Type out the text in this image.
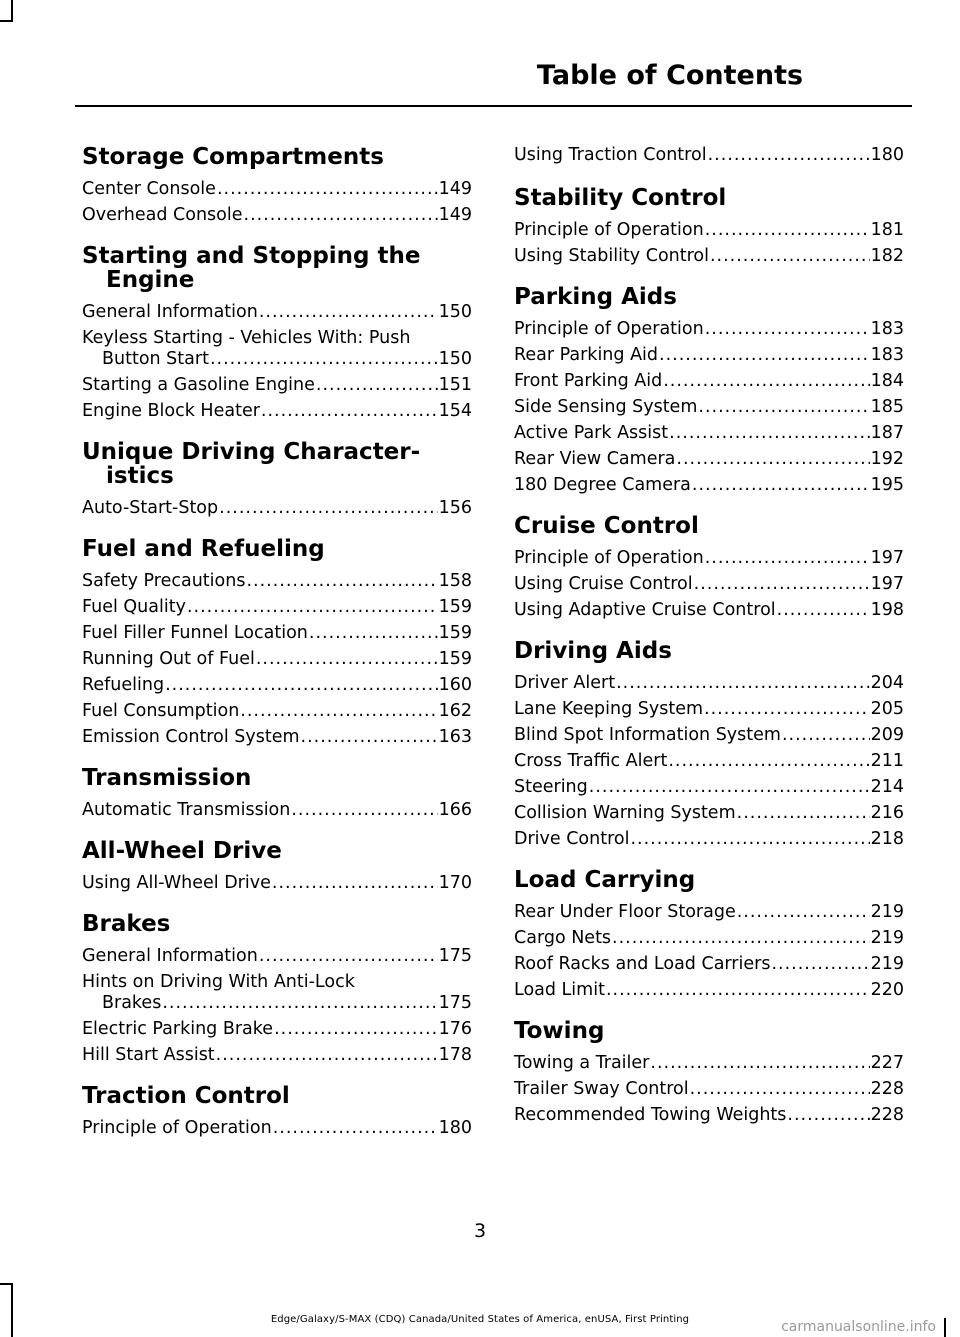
Table of Contents
Storage Compartments
Center Console .....	149
Overhead Console .....	149
Starting and Stopping the Engine
General Information .....	150
Keyless Starting - Vehicles With: Push
Button Start .....	150
Starting a Gasoline Engine .....	151
Engine Block Heater .....	154
Unique Driving Character-istics
Auto-Start-Stop .....	156
Fuel and Refueling
Safety Precautions .....	158
Fuel Quality .....	159
Fuel Filler Funnel Location .....	159
Running Out of Fuel .....	159
Refueling .....	160
Fuel Consumption .....	162
Emission Control System .....	163
Transmission
Automatic Transmission .....	166
All-Wheel Drive
Using All-Wheel Drive .....	170
Brakes
General Information .....	175
Hints on Driving With Anti-Lock
Brakes .....	175
Electric Parking Brake .....	176
Hill Start Assist .....	178
Traction Control
Principle of Operation .....	180
Using Traction Control .....	180
Stability Control
Principle of Operation .....	181
Using Stability Control .....	182
Parking Aids
Principle of Operation .....	183
Rear Parking Aid .....	183
Front Parking Aid .....	184
Side Sensing System .....	185
Active Park Assist .....	187
Rear View Camera .....	192
180 Degree Camera .....	195
Cruise Control
Principle of Operation .....	197
Using Cruise Control .....	197
Using Adaptive Cruise Control .....	198
Driving Aids
Driver Alert .....	204
Lane Keeping System .....	205
Blind Spot Information System .....	209
Cross Traffic Alert .....	211
Steering .....	214
Collision Warning System .....	216
Drive Control .....	218
Load Carrying
Rear Under Floor Storage .....	219
Cargo Nets .....	219
Roof Racks and Load Carriers .....	219
Load Limit .....	220
Towing
Towing a Trailer .....	227
Trailer Sway Control .....	228
Recommended Towing Weights .....	228
3
Edge/Galaxy/S-MAX (CDQ) Canada/United States of America, enUSA, First Printing	carmanualsonline.info
